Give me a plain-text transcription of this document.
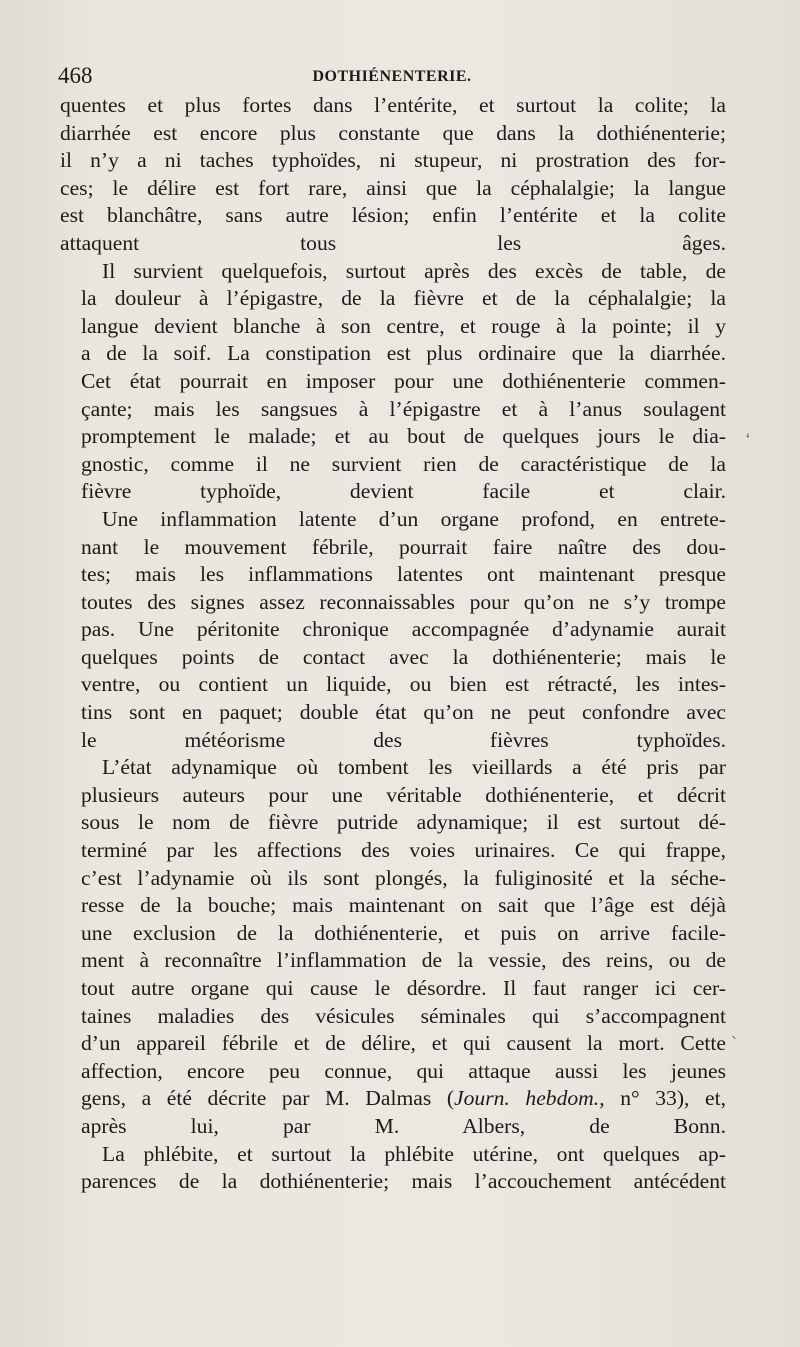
468	DOTHIÉNENTERIE.

quentes et plus fortes dans l’entérite, et surtout la colite; la
diarrhée est encore plus constante que dans la dothiénenterie;
il n’y a ni taches typhoïdes, ni stupeur, ni prostration des for-
ces; le délire est fort rare, ainsi que la céphalalgie; la langue
est blanchâtre, sans autre lésion; enfin l’entérite et la colite
attaquent tous les âges.

Il survient quelquefois, surtout après des excès de table, de
la douleur à l’épigastre, de la fièvre et de la céphalalgie; la
langue devient blanche à son centre, et rouge à la pointe; il y
a de la soif. La constipation est plus ordinaire que la diarrhée.
Cet état pourrait en imposer pour une dothiénenterie commen-
çante; mais les sangsues à l’épigastre et à l’anus soulagent
promptement le malade; et au bout de quelques jours le dia-
gnostic, comme il ne survient rien de caractéristique de la
fièvre typhoïde, devient facile et clair.

Une inflammation latente d’un organe profond, en entrete-
nant le mouvement fébrile, pourrait faire naître des dou-
tes; mais les inflammations latentes ont maintenant presque
toutes des signes assez reconnaissables pour qu’on ne s’y trompe
pas. Une péritonite chronique accompagnée d’adynamie aurait
quelques points de contact avec la dothiénenterie; mais le
ventre, ou contient un liquide, ou bien est rétracté, les intes-
tins sont en paquet; double état qu’on ne peut confondre avec
le météorisme des fièvres typhoïdes.

L’état adynamique où tombent les vieillards a été pris par
plusieurs auteurs pour une véritable dothiénenterie, et décrit
sous le nom de fièvre putride adynamique; il est surtout dé-
terminé par les affections des voies urinaires. Ce qui frappe,
c’est l’adynamie où ils sont plongés, la fuliginosité et la séche-
resse de la bouche; mais maintenant on sait que l’âge est déjà
une exclusion de la dothiénenterie, et puis on arrive facile-
ment à reconnaître l’inflammation de la vessie, des reins, ou de
tout autre organe qui cause le désordre. Il faut ranger ici cer-
taines maladies des vésicules séminales qui s’accompagnent
d’un appareil fébrile et de délire, et qui causent la mort. Cette
affection, encore peu connue, qui attaque aussi les jeunes
gens, a été décrite par M. Dalmas (Journ. hebdom., n° 33), et,
après lui, par M. Albers, de Bonn.

La phlébite, et surtout la phlébite utérine, ont quelques ap-
parences de la dothiénenterie; mais l’accouchement antécédent

‘
ˎ
